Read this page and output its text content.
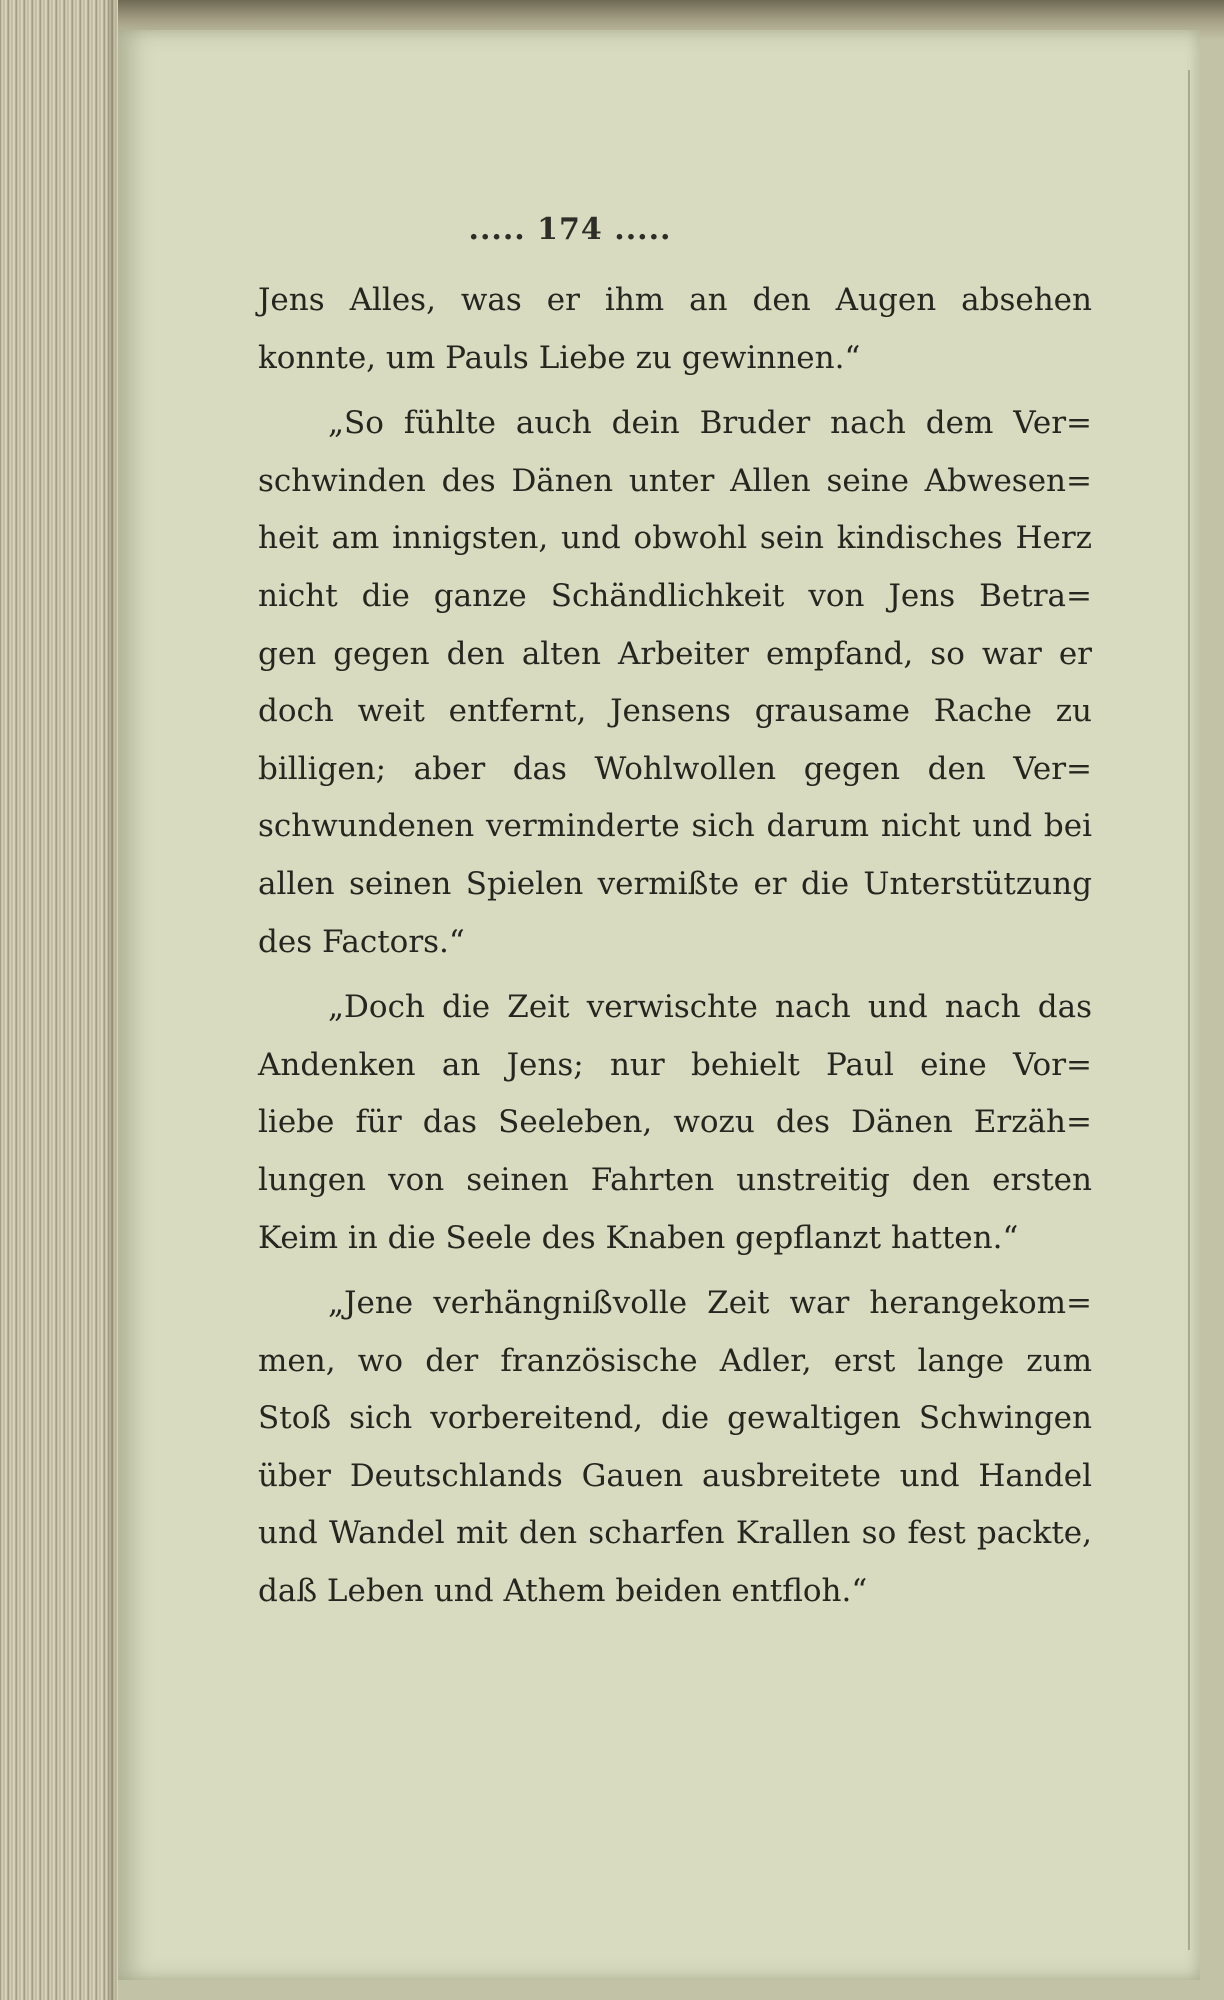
..... 174 .....
Jens Alles, was er ihm an den Augen absehen
konnte, um Pauls Liebe zu gewinnen.“
„So fühlte auch dein Bruder nach dem Ver=
schwinden des Dänen unter Allen seine Abwesen=
heit am innigsten, und obwohl sein kindisches Herz
nicht die ganze Schändlichkeit von Jens Betra=
gen gegen den alten Arbeiter empfand, so war er
doch weit entfernt, Jensens grausame Rache zu
billigen; aber das Wohlwollen gegen den Ver=
schwundenen verminderte sich darum nicht und bei
allen seinen Spielen vermißte er die Unterstützung
des Factors.“
„Doch die Zeit verwischte nach und nach das
Andenken an Jens; nur behielt Paul eine Vor=
liebe für das Seeleben, wozu des Dänen Erzäh=
lungen von seinen Fahrten unstreitig den ersten
Keim in die Seele des Knaben gepflanzt hatten.“
„Jene verhängnißvolle Zeit war herangekom=
men, wo der französische Adler, erst lange zum
Stoß sich vorbereitend, die gewaltigen Schwingen
über Deutschlands Gauen ausbreitete und Handel
und Wandel mit den scharfen Krallen so fest packte,
daß Leben und Athem beiden entfloh.“
